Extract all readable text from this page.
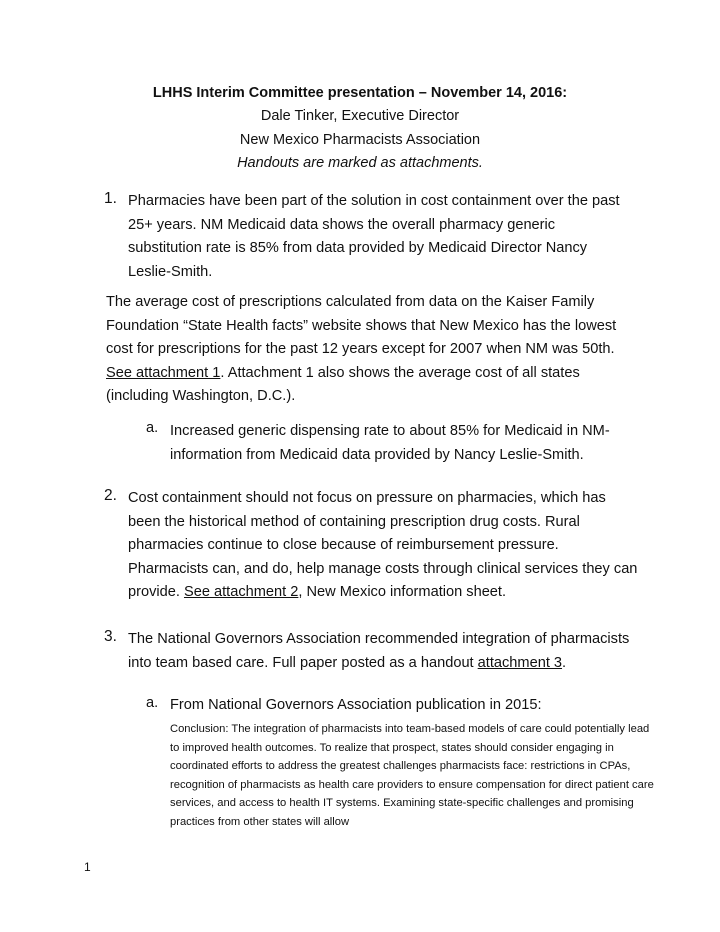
LHHS Interim Committee presentation – November 14, 2016:
Dale Tinker, Executive Director
New Mexico Pharmacists Association
Handouts are marked as attachments.
1. Pharmacies have been part of the solution in cost containment over the past 25+ years. NM Medicaid data shows the overall pharmacy generic substitution rate is 85% from data provided by Medicaid Director Nancy Leslie-Smith.
The average cost of prescriptions calculated from data on the Kaiser Family Foundation “State Health facts” website shows that New Mexico has the lowest cost for prescriptions for the past 12 years except for 2007 when NM was 50th. See attachment 1. Attachment 1 also shows the average cost of all states (including Washington, D.C.).
a. Increased generic dispensing rate to about 85% for Medicaid in NM- information from Medicaid data provided by Nancy Leslie-Smith.
2. Cost containment should not focus on pressure on pharmacies, which has been the historical method of containing prescription drug costs. Rural pharmacies continue to close because of reimbursement pressure. Pharmacists can, and do, help manage costs through clinical services they can provide. See attachment 2, New Mexico information sheet.
3. The National Governors Association recommended integration of pharmacists into team based care. Full paper posted as a handout attachment 3.
a. From National Governors Association publication in 2015:
Conclusion: The integration of pharmacists into team-based models of care could potentially lead to improved health outcomes. To realize that prospect, states should consider engaging in coordinated efforts to address the greatest challenges pharmacists face: restrictions in CPAs, recognition of pharmacists as health care providers to ensure compensation for direct patient care services, and access to health IT systems. Examining state-specific challenges and promising practices from other states will allow
1
